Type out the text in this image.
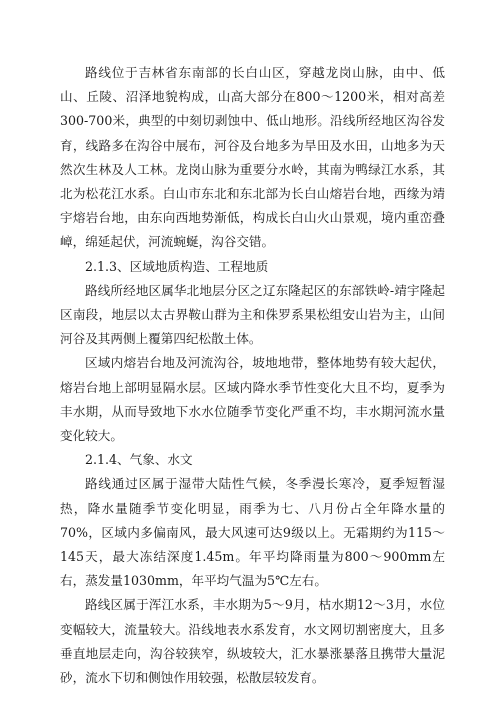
路线位于吉林省东南部的长白山区，穿越龙岗山脉，由中、低山、丘陵、沼泽地貌构成，山高大部分在800～1200米，相对高差300-700米，典型的中刻切剥蚀中、低山地形。沿线所经地区沟谷发育，线路多在沟谷中展布，河谷及台地多为旱田及水田，山地多为天然次生林及人工林。龙岗山脉为重要分水岭，其南为鸭绿江水系，其北为松花江水系。白山市东北和东北部为长白山熔岩台地，西缘为靖宇熔岩台地，由东向西地势渐低，构成长白山火山景观，境内重峦叠嶂，绵延起伏，河流蜿蜒，沟谷交错。

2.1.3、区域地质构造、工程地质

路线所经地区属华北地层分区之辽东隆起区的东部铁岭-靖宇隆起区南段，地层以太古界鞍山群为主和侏罗系果松组安山岩为主，山间河谷及其两侧上覆第四纪松散土体。

区域内熔岩台地及河流沟谷，坡地地带，整体地势有较大起伏，熔岩台地上部明显隔水层。区域内降水季节性变化大且不均，夏季为丰水期，从而导致地下水水位随季节变化严重不均，丰水期河流水量变化较大。

2.1.4、气象、水文

路线通过区属于湿带大陆性气候，冬季漫长寒冷，夏季短暂湿热，降水量随季节变化明显，雨季为七、八月份占全年降水量的70%，区域内多偏南风，最大风速可达9级以上。无霜期约为115～145天，最大冻结深度1.45m。年平均降雨量为800～900mm左右，蒸发量1030mm，年平均气温为5℃左右。

路线区属于浑江水系，丰水期为5～9月，枯水期12～3月，水位变幅较大，流量较大。沿线地表水系发育，水文网切割密度大，且多垂直地层走向，沟谷较狭窄，纵坡较大，汇水暴涨暴落且携带大量泥砂，流水下切和侧蚀作用较强，松散层较发育。
